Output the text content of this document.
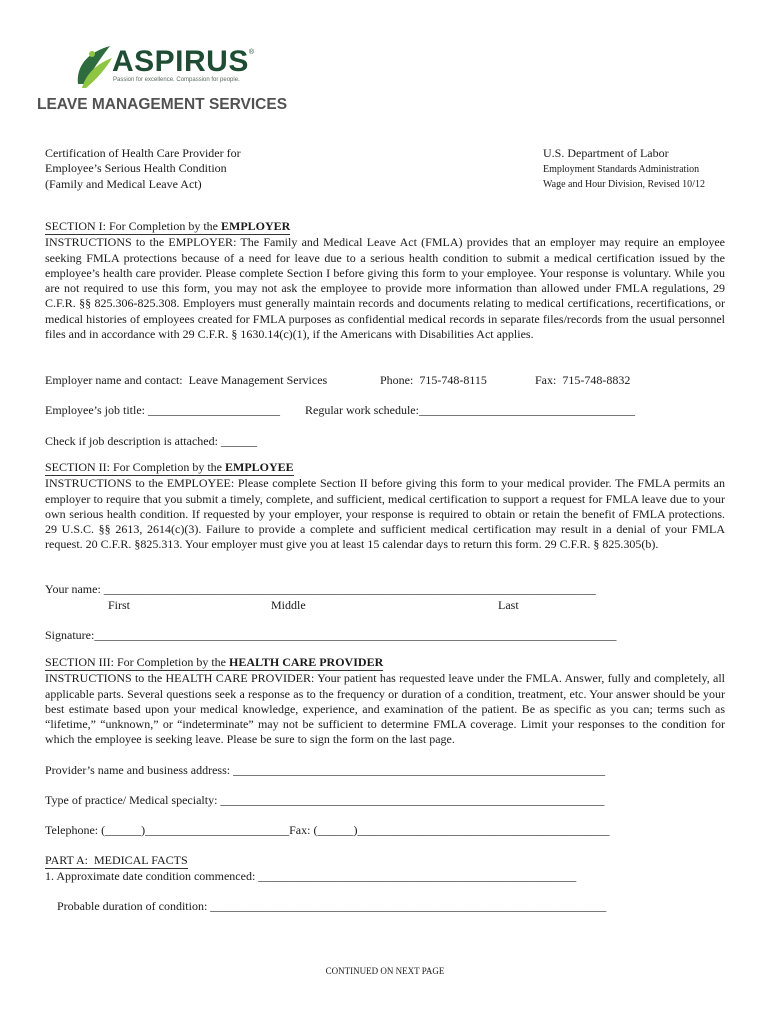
ASPIRUS®
Passion for excellence. Compassion for people.
LEAVE MANAGEMENT SERVICES
Certification of Health Care Provider for
Employee’s Serious Health Condition
(Family and Medical Leave Act)
U.S. Department of Labor
Employment Standards Administration
Wage and Hour Division, Revised 10/12
SECTION I: For Completion by the EMPLOYER
INSTRUCTIONS to the EMPLOYER: The Family and Medical Leave Act (FMLA) provides that an employer may require an employee seeking FMLA protections because of a need for leave due to a serious health condition to submit a medical certification issued by the employee’s health care provider. Please complete Section I before giving this form to your employee. Your response is voluntary. While you are not required to use this form, you may not ask the employee to provide more information than allowed under FMLA regulations, 29 C.F.R. §§ 825.306-825.308. Employers must generally maintain records and documents relating to medical certifications, recertifications, or medical histories of employees created for FMLA purposes as confidential medical records in separate files/records from the usual personnel files and in accordance with 29 C.F.R. § 1630.14(c)(1), if the Americans with Disabilities Act applies.
Employer name and contact:  Leave Management Services	Phone:  715-748-8115	Fax:  715-748-8832
Employee’s job title: ______________________ Regular work schedule:____________________________________
Check if job description is attached: ______
SECTION II: For Completion by the EMPLOYEE
INSTRUCTIONS to the EMPLOYEE: Please complete Section II before giving this form to your medical provider. The FMLA permits an employer to require that you submit a timely, complete, and sufficient, medical certification to support a request for FMLA leave due to your own serious health condition. If requested by your employer, your response is required to obtain or retain the benefit of FMLA protections. 29 U.S.C. §§ 2613, 2614(c)(3). Failure to provide a complete and sufficient medical certification may result in a denial of your FMLA request. 20 C.F.R. §825.313. Your employer must give you at least 15 calendar days to return this form. 29 C.F.R. § 825.305(b).
Your name: __________________________________________________________________________________
First	Middle	Last
Signature:_______________________________________________________________________________________
SECTION III: For Completion by the HEALTH CARE PROVIDER
INSTRUCTIONS to the HEALTH CARE PROVIDER: Your patient has requested leave under the FMLA. Answer, fully and completely, all applicable parts. Several questions seek a response as to the frequency or duration of a condition, treatment, etc. Your answer should be your best estimate based upon your medical knowledge, experience, and examination of the patient. Be as specific as you can; terms such as “lifetime,” “unknown,” or “indeterminate” may not be sufficient to determine FMLA coverage. Limit your responses to the condition for which the employee is seeking leave. Please be sure to sign the form on the last page.
Provider’s name and business address: ______________________________________________________________
Type of practice/ Medical specialty: ________________________________________________________________
Telephone: (______)________________________Fax: (______)__________________________________________
PART A:  MEDICAL FACTS
1. Approximate date condition commenced: _____________________________________________________
Probable duration of condition: __________________________________________________________________
CONTINUED ON NEXT PAGE
